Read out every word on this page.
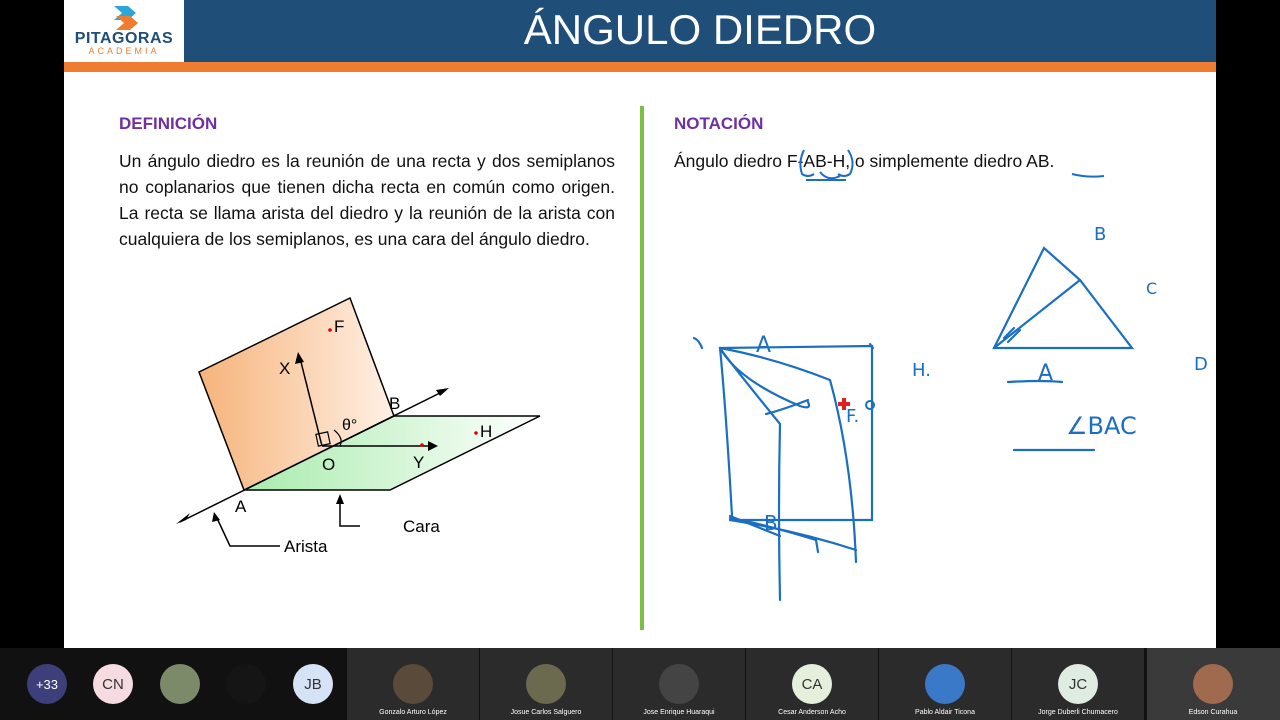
PITAGORAS
ACADEMIA	ÁNGULO DIEDRO
DEFINICIÓN
Un ángulo diedro es la reunión de una recta y dos semiplanos no coplanarios que tienen dicha recta en común como origen. La recta se llama arista del diedro y la reunión de la arista con cualquiera de los semiplanos, es una cara del ángulo diedro.
F
X
B
θ°	H
O	Y
A
Cara
Arista
NOTACIÓN
Ángulo diedro F-AB-H, o simplemente diedro AB.
A
H.
F.
B
B
C
A	D
∠BAC
+33	CN	JB
Gonzalo Arturo López	Josue Carlos Salguero	Jose Enrique Huaraqui
CA
Cesar Anderson Acho	Pablo Aldair Ticona
JC
Jorge Duberli Chumacero	Edson Curahua
